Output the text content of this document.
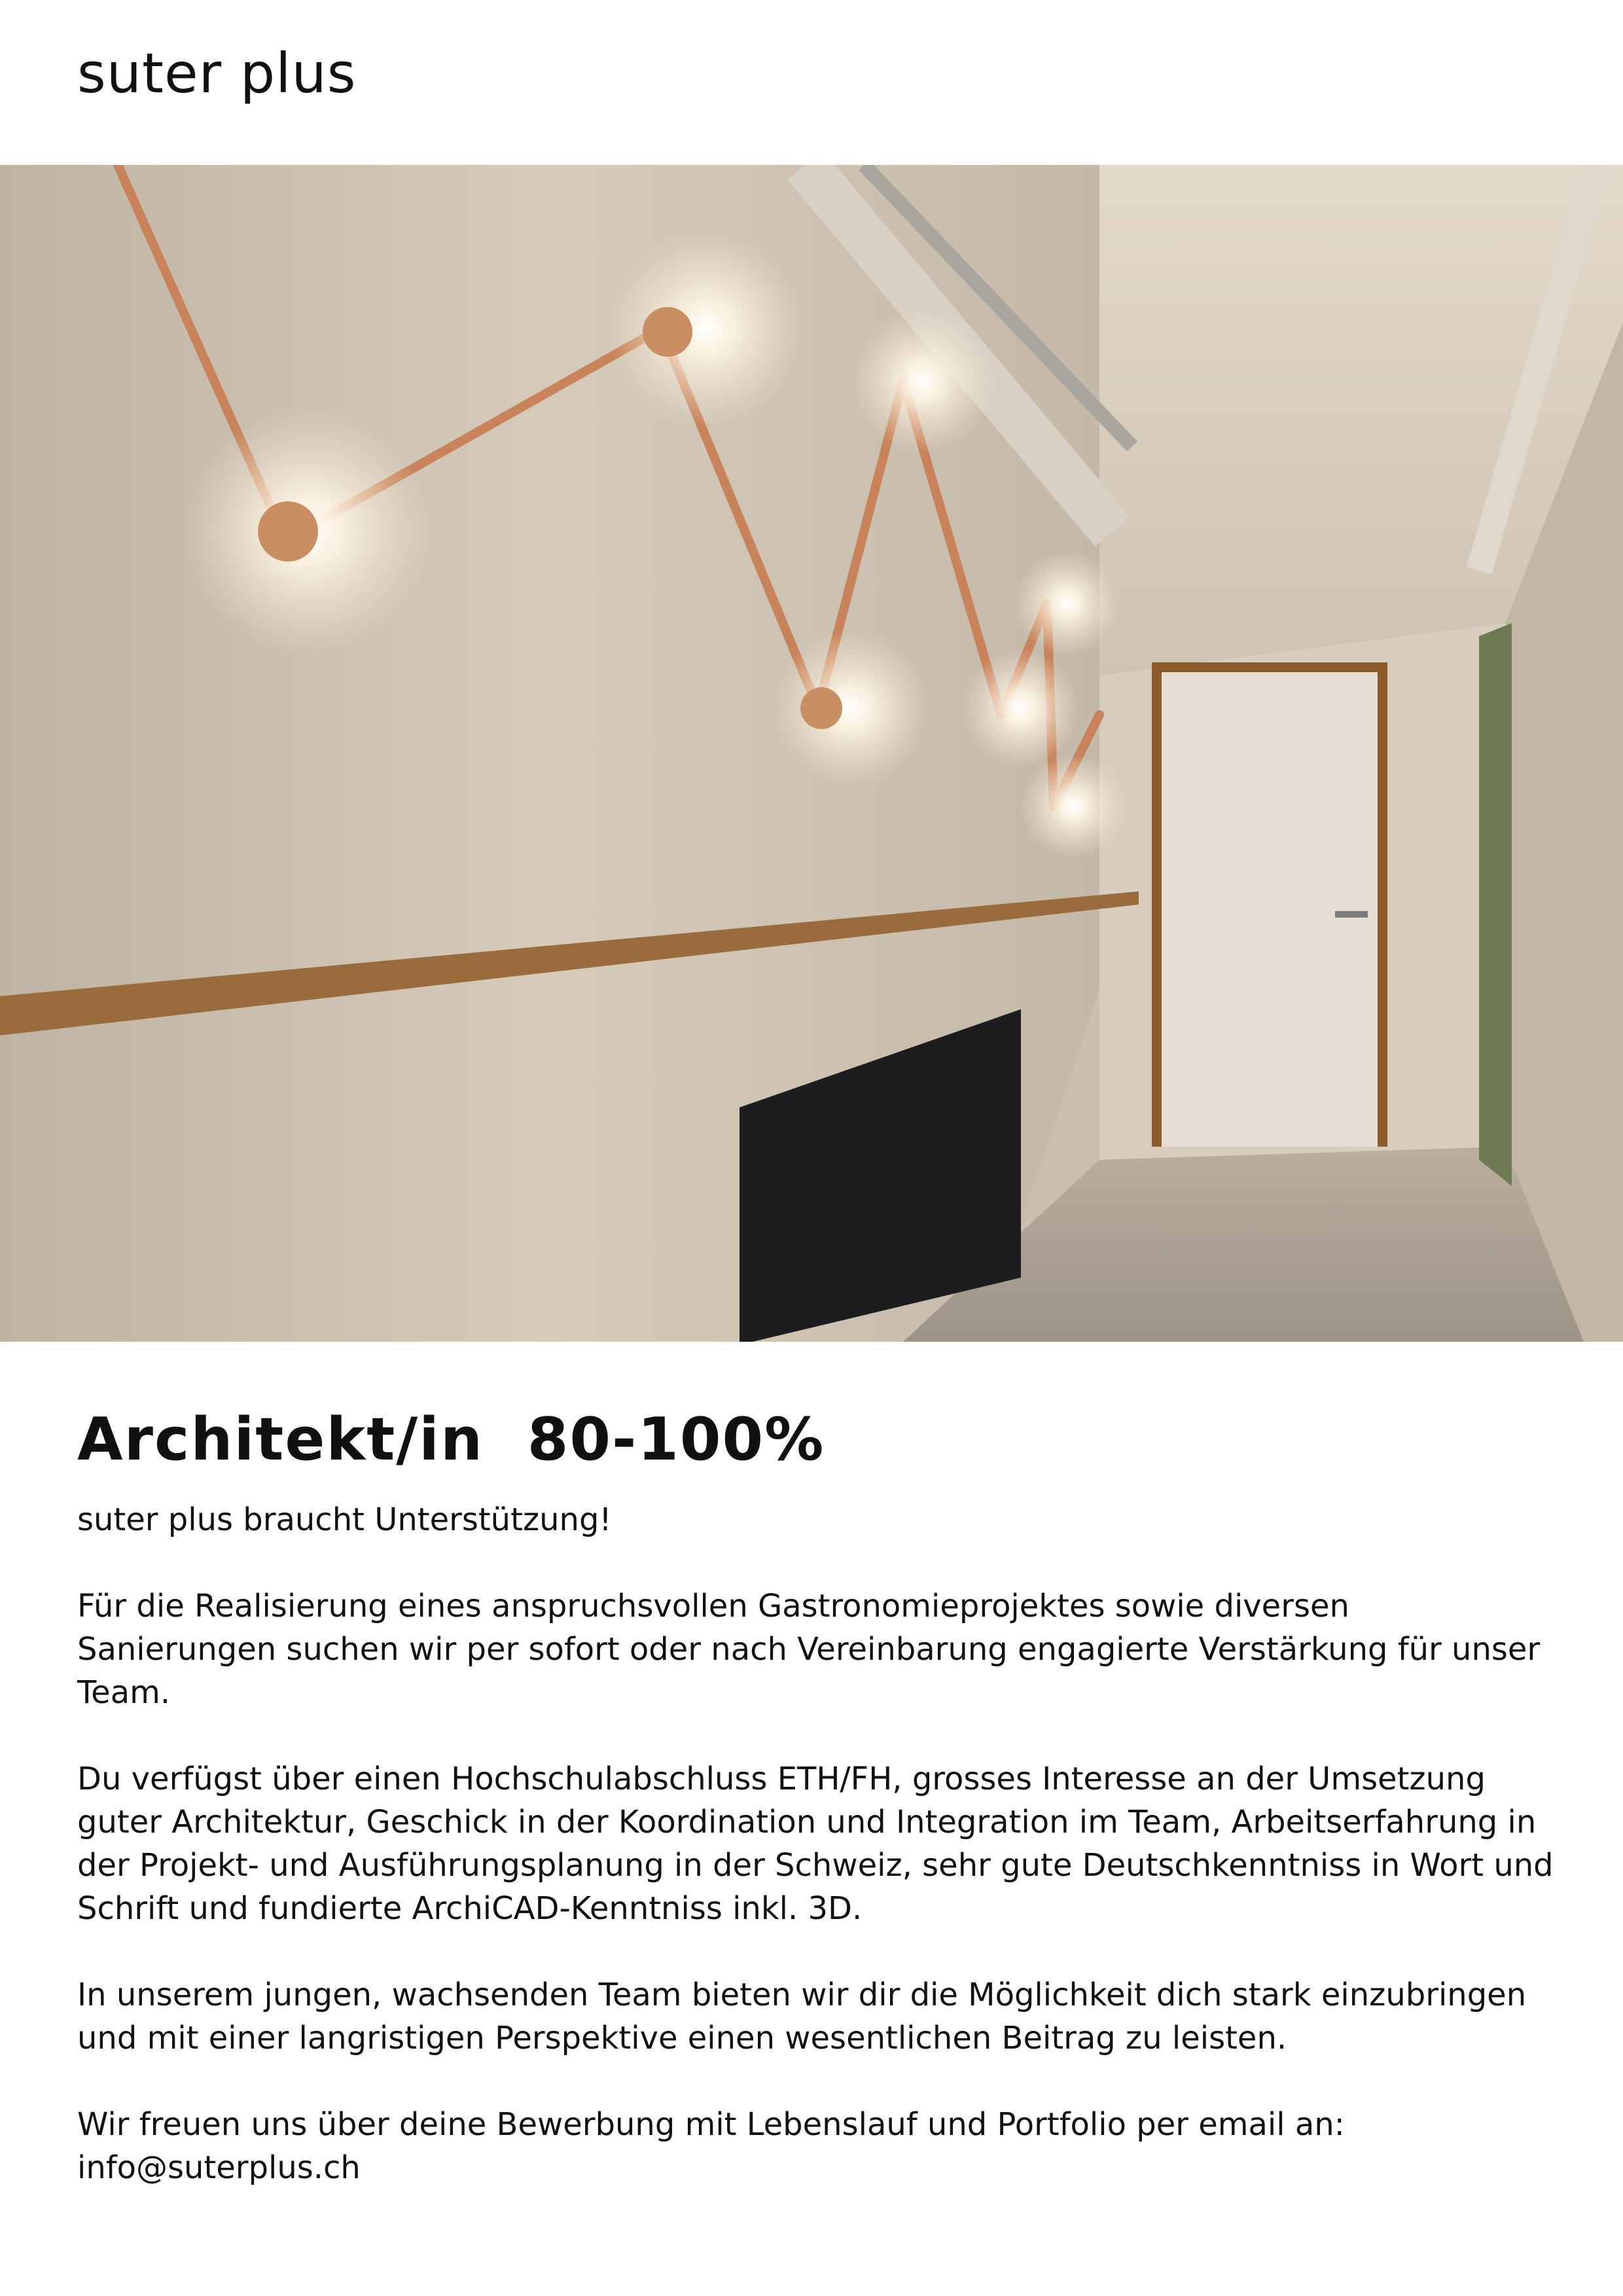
suter plus
Architekt/in  80-100%

suter plus braucht Unterstützung!

Für die Realisierung eines anspruchsvollen Gastronomieprojektes sowie diversen Sanierungen suchen wir per sofort oder nach Vereinbarung engagierte Verstärkung für unser Team.

Du verfügst über einen Hochschulabschluss ETH/FH, grosses Interesse an der Umsetzung guter Architektur, Geschick in der Koordination und Integration im Team, Arbeitserfahrung in der Projekt- und Ausführungsplanung in der Schweiz, sehr gute Deutschkenntniss in Wort und Schrift und fundierte ArchiCAD-Kenntniss inkl. 3D.

In unserem jungen, wachsenden Team bieten wir dir die Möglichkeit dich stark einzubringen und mit einer langristigen Perspektive einen wesentlichen Beitrag zu leisten.

Wir freuen uns über deine Bewerbung mit Lebenslauf und Portfolio per email an:
info@suterplus.ch
